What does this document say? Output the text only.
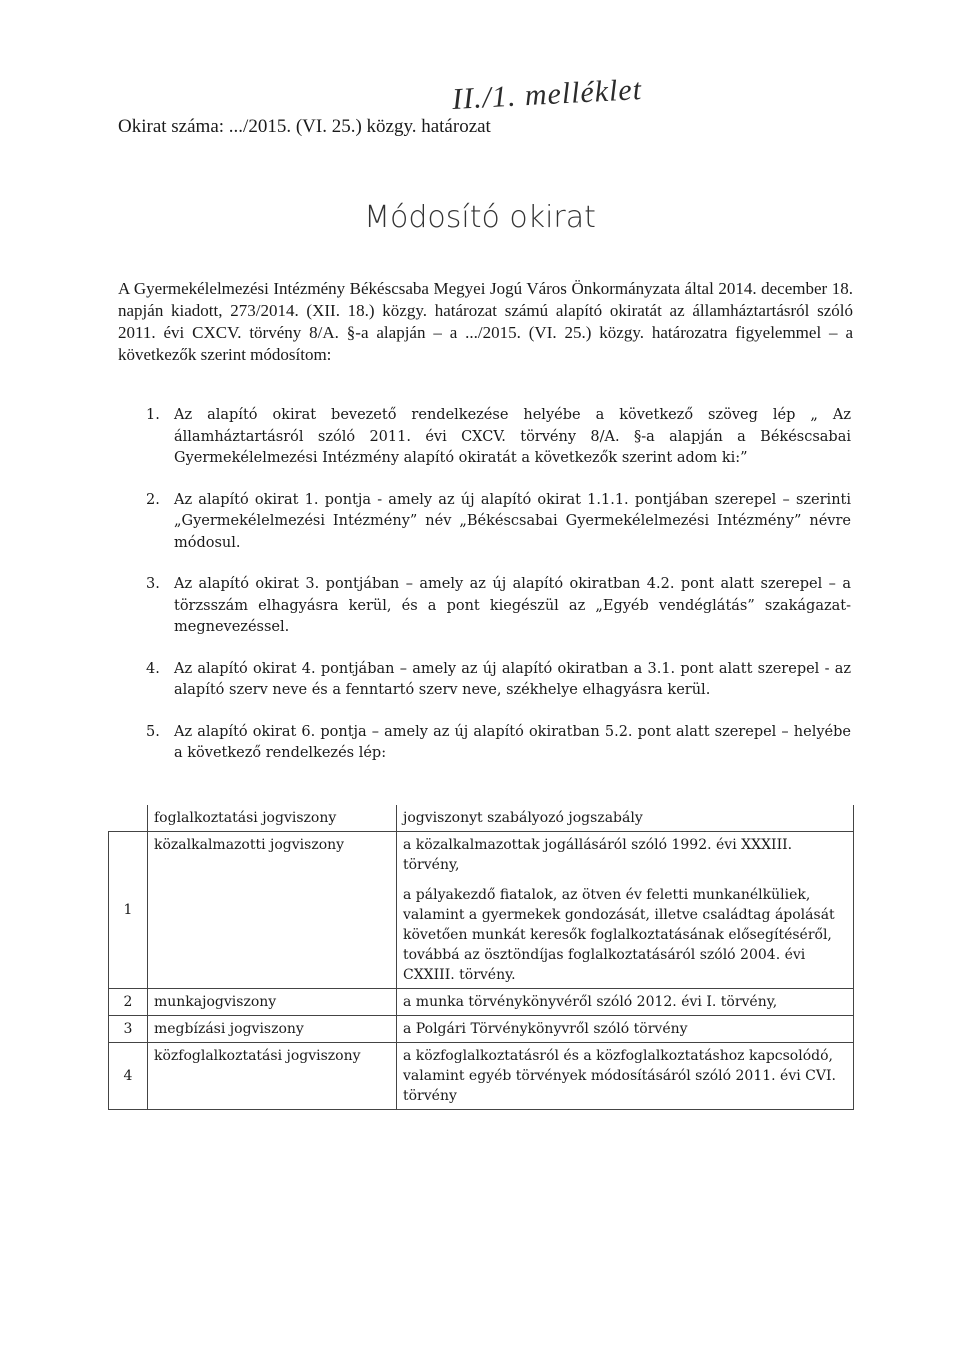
II./1. melléklet
Okirat száma: .../2015. (VI. 25.) közgy. határozat
Módosító okirat
A Gyermekélelmezési Intézmény Békéscsaba Megyei Jogú Város Önkormányzata által 2014. december 18. napján kiadott, 273/2014. (XII. 18.) közgy. határozat számú alapító okiratát az államháztartásról szóló 2011. évi CXCV. törvény 8/A. §-a alapján – a .../2015. (VI. 25.) közgy. határozatra figyelemmel – a következők szerint módosítom:
1. Az alapító okirat bevezető rendelkezése helyébe a következő szöveg lép „ Az államháztartásról szóló 2011. évi CXCV. törvény 8/A. §-a alapján a Békéscsabai Gyermekélelmezési Intézmény alapító okiratát a következők szerint adom ki:”
2. Az alapító okirat 1. pontja - amely az új alapító okirat 1.1.1. pontjában szerepel – szerinti „Gyermekélelmezési Intézmény” név „Békéscsabai Gyermekélelmezési Intézmény” névre módosul.
3. Az alapító okirat 3. pontjában – amely az új alapító okiratban 4.2. pont alatt szerepel – a törzsszám elhagyásra kerül, és a pont kiegészül az „Egyéb vendéglátás” szakágazat-megnevezéssel.
4. Az alapító okirat 4. pontjában – amely az új alapító okiratban a 3.1. pont alatt szerepel - az alapító szerv neve és a fenntartó szerv neve, székhelye elhagyásra kerül.
5. Az alapító okirat 6. pontja – amely az új alapító okiratban 5.2. pont alatt szerepel – helyébe a következő rendelkezés lép:
	foglalkoztatási jogviszony	jogviszonyt szabályozó jogszabály
1	közalkalmazotti jogviszony	a közalkalmazottak jogállásáról szóló 1992. évi XXXIII. törvény,
a pályakezdő fiatalok, az ötven év feletti munkanélküliek, valamint a gyermekek gondozását, illetve családtag ápolását követően munkát keresők foglalkoztatásának elősegítéséről, továbbá az ösztöndíjas foglalkoztatásáról szóló 2004. évi CXXIII. törvény.

2	munkajogviszony	a munka törvénykönyvéről szóló 2012. évi I. törvény,
3	megbízási jogviszony	a Polgári Törvénykönyvről szóló törvény
4	közfoglalkoztatási jogviszony	a közfoglalkoztatásról és a közfoglalkoztatáshoz kapcsolódó, valamint egyéb törvények módosításáról szóló 2011. évi CVI. törvény
